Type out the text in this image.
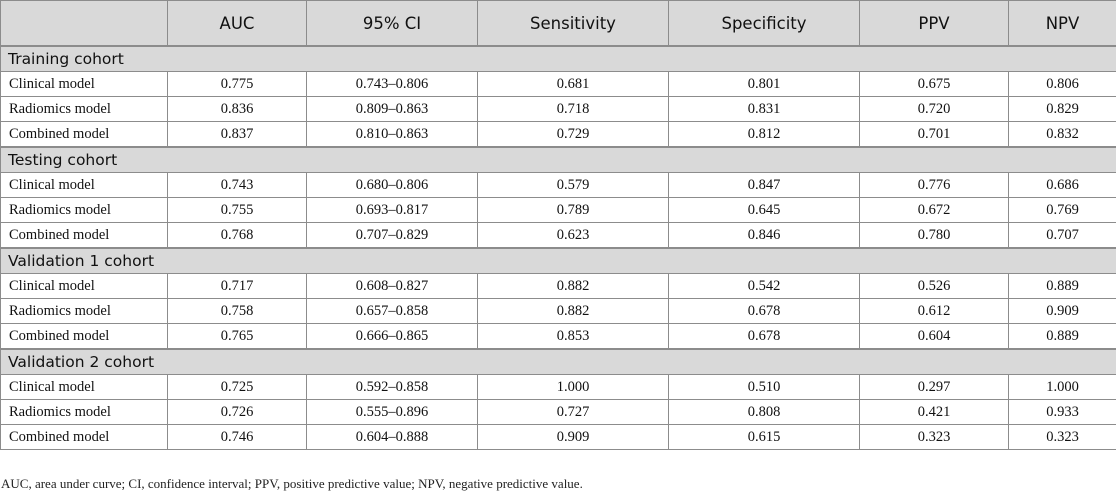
	AUC	95% CI	Sensitivity	Specificity	PPV	NPV
Training cohort						
Clinical model	0.775	0.743–0.806	0.681	0.801	0.675	0.806
Radiomics model	0.836	0.809–0.863	0.718	0.831	0.720	0.829
Combined model	0.837	0.810–0.863	0.729	0.812	0.701	0.832
Testing cohort						
Clinical model	0.743	0.680–0.806	0.579	0.847	0.776	0.686
Radiomics model	0.755	0.693–0.817	0.789	0.645	0.672	0.769
Combined model	0.768	0.707–0.829	0.623	0.846	0.780	0.707
Validation 1 cohort						
Clinical model	0.717	0.608–0.827	0.882	0.542	0.526	0.889
Radiomics model	0.758	0.657–0.858	0.882	0.678	0.612	0.909
Combined model	0.765	0.666–0.865	0.853	0.678	0.604	0.889
Validation 2 cohort						
Clinical model	0.725	0.592–0.858	1.000	0.510	0.297	1.000
Radiomics model	0.726	0.555–0.896	0.727	0.808	0.421	0.933
Combined model	0.746	0.604–0.888	0.909	0.615	0.323	0.323
AUC, area under curve; CI, confidence interval; PPV, positive predictive value; NPV, negative predictive value.
